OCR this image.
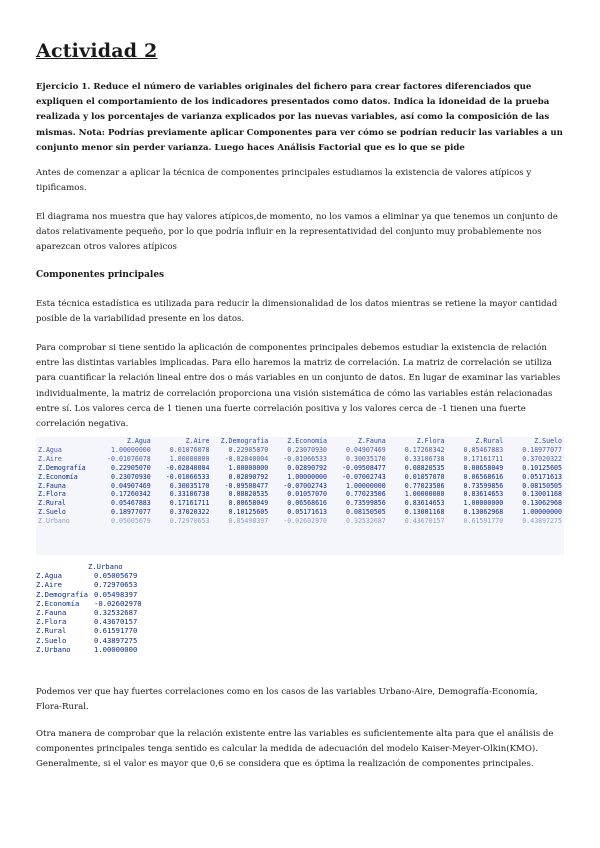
Actividad 2

Ejercicio 1. Reduce el número de variables originales del fichero para crear factores diferenciados que expliquen el comportamiento de los indicadores presentados como datos. Indica la idoneidad de la prueba realizada y los porcentajes de varianza explicados por las nuevas variables, así como la composición de las mismas. Nota: Podrías previamente aplicar Componentes para ver cómo se podrían reducir las variables a un conjunto menor sin perder varianza. Luego haces Análisis Factorial que es lo que se pide

Antes de comenzar a aplicar la técnica de componentes principales estudiamos la existencia de valores atípicos y tipificamos.

El diagrama nos muestra que hay valores atípicos,de momento, no los vamos a eliminar ya que tenemos un conjunto de datos relativamente pequeño, por lo que podría influir en la representatividad del conjunto muy probablemente nos aparezcan otros valores atípicos

Componentes principales

Esta técnica estadística es utilizada para reducir la dimensionalidad de los datos mientras se retiene la mayor cantidad posible de la variabilidad presente en los datos.

Para comprobar si tiene sentido la aplicación de componentes principales debemos estudiar la existencia de relación entre las distintas variables implicadas. Para ello haremos la matriz de correlación. La matriz de correlación se utiliza para cuantificar la relación lineal entre dos o más variables en un conjunto de datos. En lugar de examinar las variables individualmente, la matriz de correlación proporciona una visión sistemática de cómo las variables están relacionadas entre sí. Los valores cerca de 1 tienen una fuerte correlación positiva y los valores cerca de -1 tienen una fuerte correlación negativa.

	Z.Agua	Z.Aire	Z.Demografía	Z.Economía	Z.Fauna	Z.Flora	Z.Rural	Z.Suelo
Z.Agua	1.00000000	0.01076078	0.22905070	0.23070930	0.04907469	0.17260342	0.05467883	0.18977077
Z.Aire	-0.01076078	1.00000000	-0.02840004	-0.01066533	0.30035170	0.33106738	0.17161711	0.37020322
Z.Demografía	0.22905070	-0.02840004	1.00000000	0.02890792	-0.09508477	0.08820535	0.00658049	0.10125605
Z.Economía	0.23070930	-0.01066533	0.02890792	1.00000000	-0.07002743	0.01057070	0.06568616	0.05171613
Z.Fauna	0.04907469	0.30035170	-0.09508477	-0.07002743	1.00000000	0.77023506	0.73599856	0.08150505
Z.Flora	0.17260342	0.33106738	0.08820535	0.01057070	0.77023506	1.00000000	0.83614653	0.13001168
Z.Rural	0.05467883	0.17161711	0.00658049	0.06568616	0.73599856	0.83614653	1.00000000	0.13062968
Z.Suelo	0.18977077	0.37020322	0.10125605	0.05171613	0.08150505	0.13001168	0.13062968	1.00000000
Z.Urbano	0.05005679	0.72970653	0.05498397	-0.02602970	0.32532687	0.43670157	0.61591770	0.43897275
Z.Urbano
Z.Agua	0.05005679
Z.Aire	0.72970653
Z.Demografía 0.05498397
Z.Economía	-0.02602970
Z.Fauna	0.32532687
Z.Flora	0.43670157
Z.Rural	0.61591770
Z.Suelo	0.43897275
Z.Urbano	1.00000000

Podemos ver que hay fuertes correlaciones como en los casos de las variables Urbano-Aire, Demografía-Economía, Flora-Rural.

Otra manera de comprobar que la relación existente entre las variables es suficientemente alta para que el análisis de componentes principales tenga sentido es calcular la medida de adecuación del modelo Kaiser-Meyer-Olkin(KMO). Generalmente, si el valor es mayor que 0,6 se considera que es óptima la realización de componentes principales.
